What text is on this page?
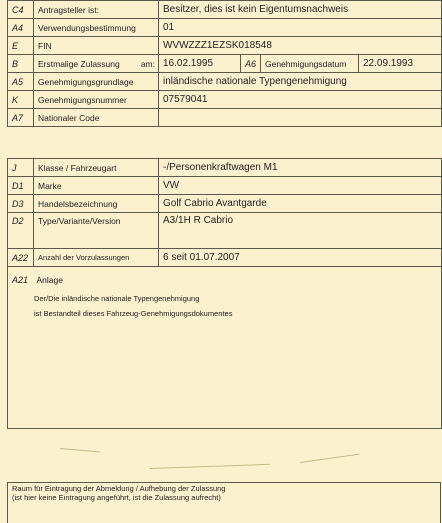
C4	Antragsteller ist:	Besitzer, dies ist kein Eigentumsnachweis			
A4	Verwendungsbestimmung	01			
E	FIN	WVWZZZ1EZSK018548			
B	Erstmalige Zulassung am:	16.02.1995	A6	Genehmigungsdatum	22.09.1993
A5	Genehmigungsgrundlage	inländische nationale Typengenehmigung			
K	Genehmigungsnummer	07579041			
A7	Nationaler Code				
J	Klasse / Fahrzeugart	-/Personenkraftwagen M1
D1	Marke	VW
D3	Handelsbezeichnung	Golf Cabrio Avantgarde
D2	Type/Variante/Version	A3/1H R Cabrio
A22	Anzahl der Vorzulassungen	6 seit 01.07.2007

A21 Anlage
Der/Die inländische nationale Typengenehmigung
ist Bestandteil dieses Fahrzeug-Genehmigungsdokumentes		
Raum für Eintragung der Abmeldung / Aufhebung der Zulassung
(ist hier keine Eintragung angeführt, ist die Zulassung aufrecht)
